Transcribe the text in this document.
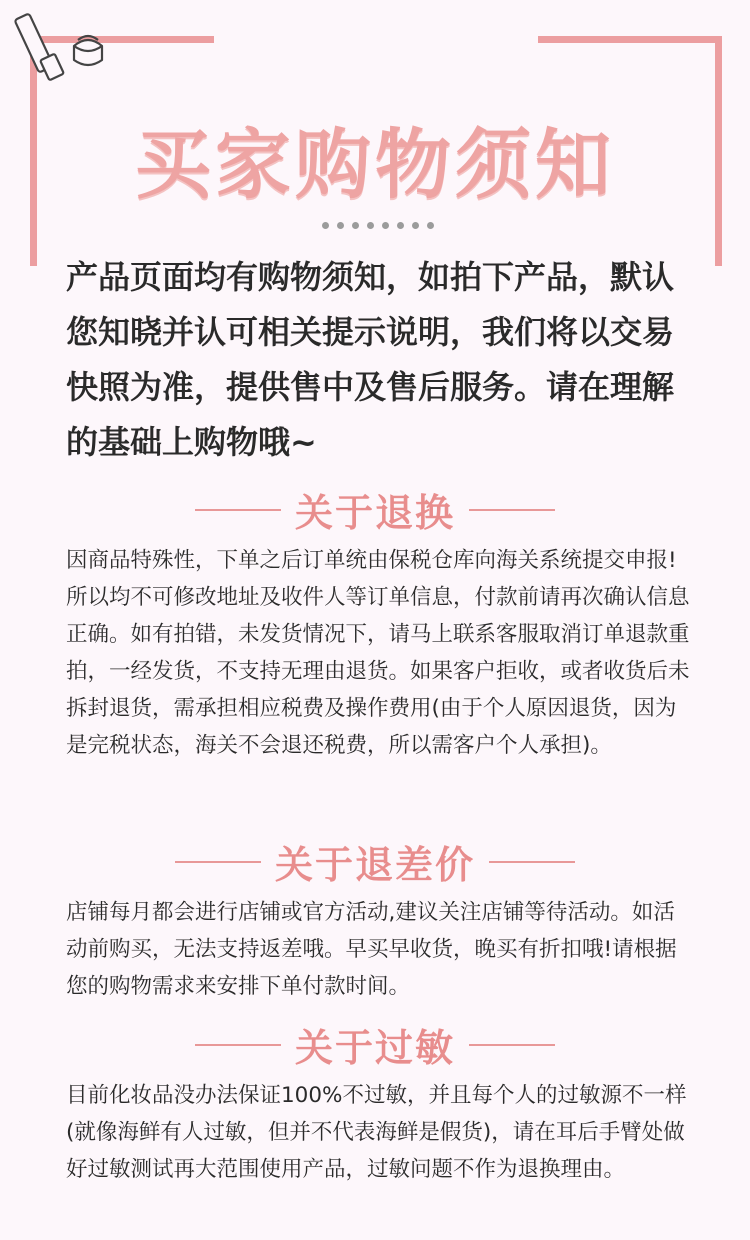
买家购物须知
产品页面均有购物须知，如拍下产品，默认您知晓并认可相关提示说明，我们将以交易快照为准，提供售中及售后服务。请在理解的基础上购物哦~
关于退换
因商品特殊性，下单之后订单统由保税仓库向海关系统提交申报!所以均不可修改地址及收件人等订单信息，付款前请再次确认信息正确。如有拍错，未发货情况下，请马上联系客服取消订单退款重拍，一经发货，不支持无理由退货。如果客户拒收，或者收货后未拆封退货，需承担相应税费及操作费用(由于个人原因退货，因为是完税状态，海关不会退还税费，所以需客户个人承担)。
关于退差价
店铺每月都会进行店铺或官方活动,建议关注店铺等待活动。如活动前购买，无法支持返差哦。早买早收货，晚买有折扣哦!请根据您的购物需求来安排下单付款时间。
关于过敏
目前化妆品没办法保证100%不过敏，并且每个人的过敏源不一样(就像海鲜有人过敏，但并不代表海鲜是假货)，请在耳后手臂处做好过敏测试再大范围使用产品，过敏问题不作为退换理由。
